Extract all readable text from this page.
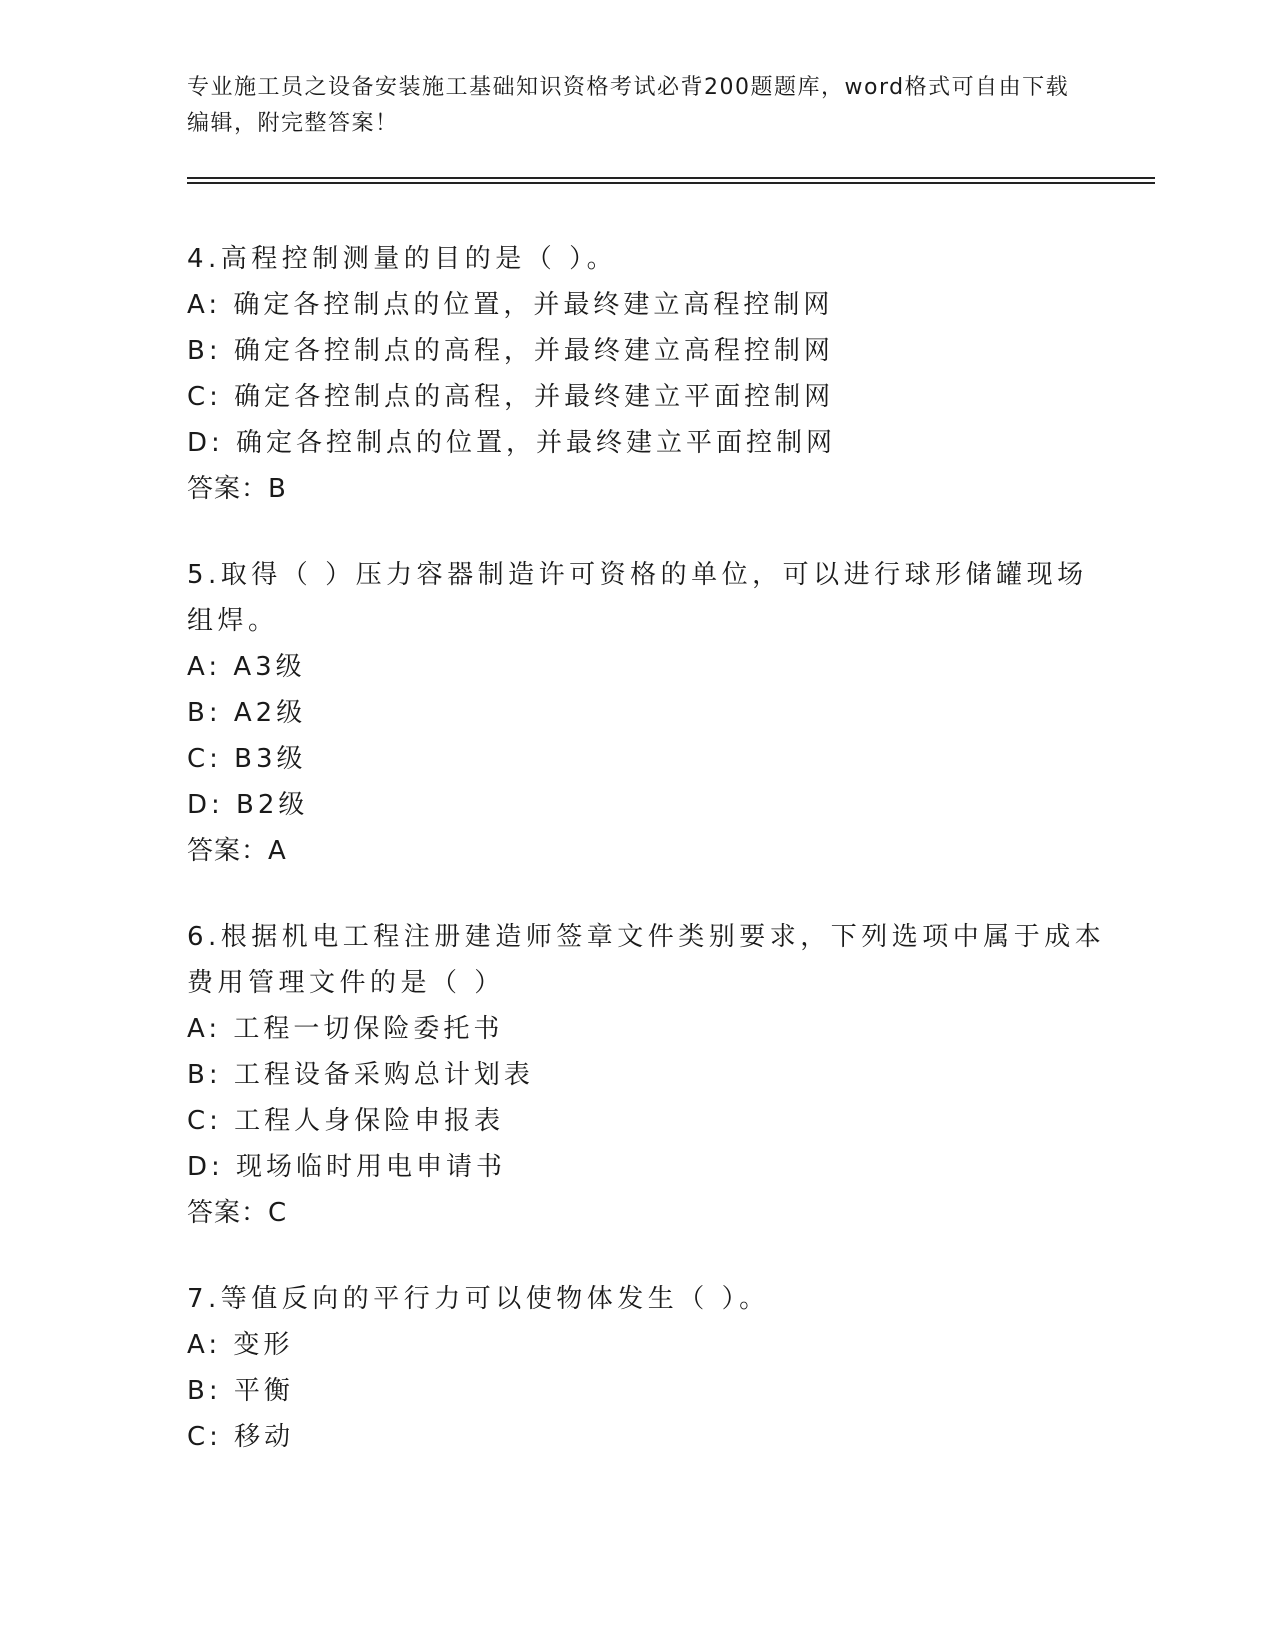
专业施工员之设备安装施工基础知识资格考试必背200题题库，word格式可自由下载编辑，附完整答案！
4.高程控制测量的目的是（ ）。
A: 确定各控制点的位置，并最终建立高程控制网
B: 确定各控制点的高程，并最终建立高程控制网
C: 确定各控制点的高程，并最终建立平面控制网
D: 确定各控制点的位置，并最终建立平面控制网
答案：B
5.取得（ ）压力容器制造许可资格的单位，可以进行球形储罐现场组焊。
A: A3级
B: A2级
C: B3级
D: B2级
答案：A
6.根据机电工程注册建造师签章文件类别要求，下列选项中属于成本费用管理文件的是（ ）
A: 工程一切保险委托书
B: 工程设备采购总计划表
C: 工程人身保险申报表
D: 现场临时用电申请书
答案：C
7.等值反向的平行力可以使物体发生（ ）。
A: 变形
B: 平衡
C: 移动
